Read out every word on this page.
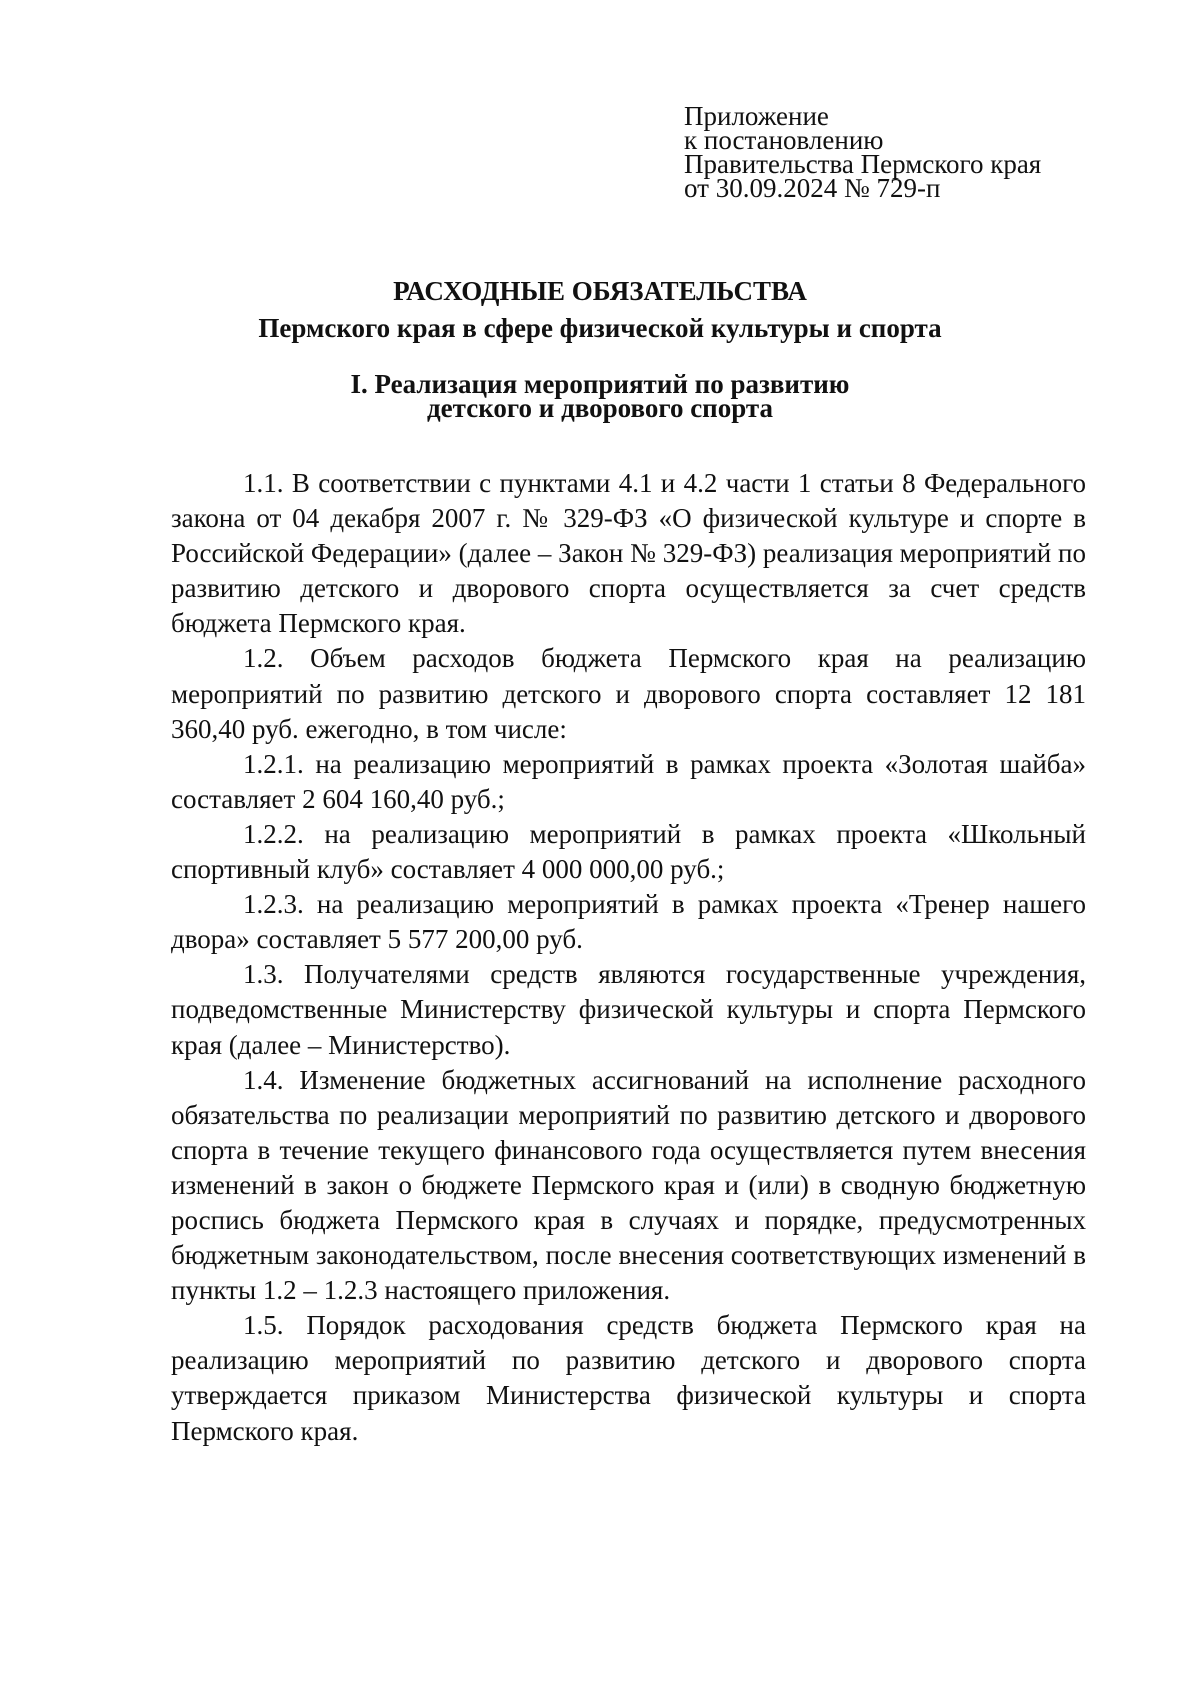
Приложение
к постановлению
Правительства Пермского края
от 30.09.2024 № 729-п
РАСХОДНЫЕ ОБЯЗАТЕЛЬСТВА
Пермского края в сфере физической культуры и спорта
I. Реализация мероприятий по развитию
детского и дворового спорта

1.1. В соответствии с пунктами 4.1 и 4.2 части 1 статьи 8 Федерального закона от 04 декабря 2007 г. № 329-ФЗ «О физической культуре и спорте в Российской Федерации» (далее – Закон № 329-ФЗ) реализация мероприятий по развитию детского и дворового спорта осуществляется за счет средств бюджета Пермского края.

1.2. Объем расходов бюджета Пермского края на реализацию мероприятий по развитию детского и дворового спорта составляет 12 181 360,40 руб. ежегодно, в том числе:

1.2.1. на реализацию мероприятий в рамках проекта «Золотая шайба» составляет 2 604 160,40 руб.;

1.2.2. на реализацию мероприятий в рамках проекта «Школьный спортивный клуб» составляет 4 000 000,00 руб.;

1.2.3. на реализацию мероприятий в рамках проекта «Тренер нашего двора» составляет 5 577 200,00 руб.

1.3. Получателями средств являются государственные учреждения, подведомственные Министерству физической культуры и спорта Пермского края (далее – Министерство).

1.4. Изменение бюджетных ассигнований на исполнение расходного обязательства по реализации мероприятий по развитию детского и дворового спорта в течение текущего финансового года осуществляется путем внесения изменений в закон о бюджете Пермского края и (или) в сводную бюджетную роспись бюджета Пермского края в случаях и порядке, предусмотренных бюджетным законодательством, после внесения соответствующих изменений в пункты 1.2 – 1.2.3 настоящего приложения.

1.5. Порядок расходования средств бюджета Пермского края на реализацию мероприятий по развитию детского и дворового спорта утверждается приказом Министерства физической культуры и спорта Пермского края.
